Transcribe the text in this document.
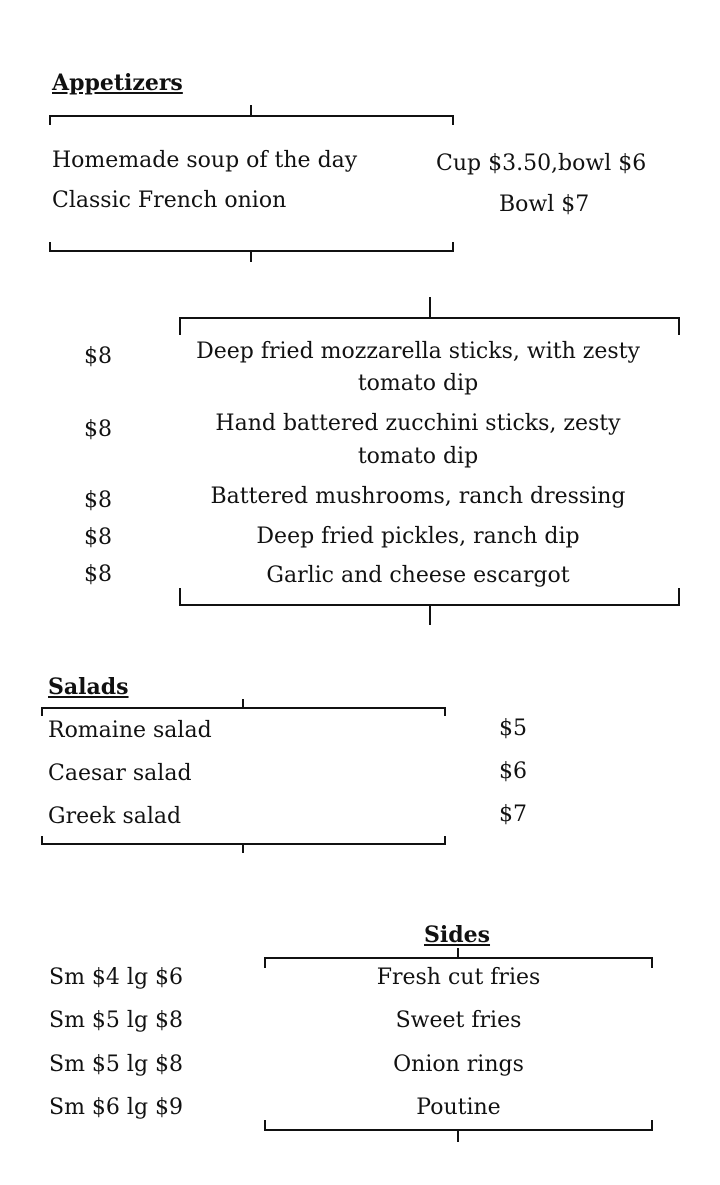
Appetizers
Homemade soup of the day	Cup $3.50,bowl $6
Classic French onion	Bowl $7
$8	Deep fried mozzarella sticks, with zesty
tomato dip
$8	Hand battered zucchini sticks, zesty
tomato dip
$8	Battered mushrooms, ranch dressing
$8	Deep fried pickles, ranch dip
$8	Garlic and cheese escargot
Salads
Romaine salad	$5
Caesar salad	$6
Greek salad	$7
Sides
Sm $4 lg $6	Fresh cut fries
Sm $5 lg $8	Sweet fries
Sm $5 lg $8	Onion rings
Sm $6 lg $9	Poutine
